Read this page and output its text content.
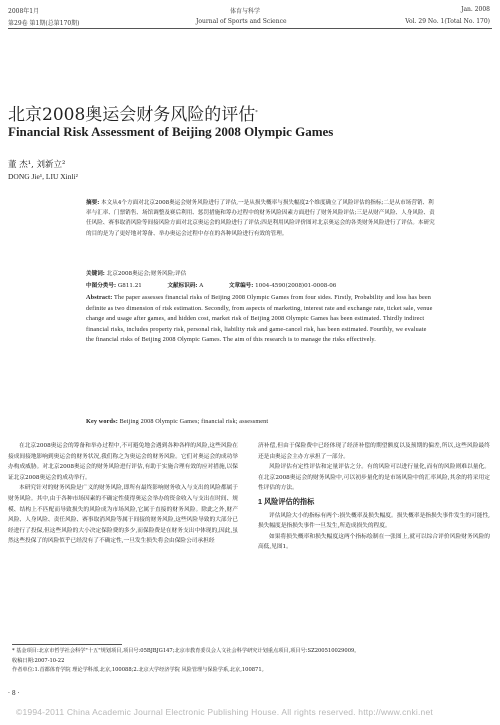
2008年1月	体育与科学	Jan. 2008
第29卷 第1期(总第170期)	Journal of Sports and Science	Vol. 29 No. 1(Total No. 170)
北京2008奥运会财务风险的评估*
Financial Risk Assessment of Beijing 2008 Olympic Games
董 杰¹, 刘新立²
DONG Jie¹, LIU Xinli²
摘要: 本文从4个方面对北京2008奥运会财务风险进行了评估,一是从损失概率与损失幅度2个维度确立了风险评估的指标;二是从市场营销、利率与汇率、门票销售、场馆调整及赛后利用、惩罚措施和筹办过程中的财务风险因素方面进行了财务风险评估;三是从财产风险、人身风险、责任风险、赛事取消风险等间接风险方面对北京奥运会的风险进行了评估;四是利用风险评价图对北京奥运会的各类财务风险进行了评估。本研究的目的是为了更好地对筹备、举办奥运会过程中存在的各种风险进行有效的管理。
关键词: 北京2008奥运会;财务风险;评估
中图分类号: G811.21	文献标识码: A	文章编号: 1004-4590(2008)01-0008-06
Abstract: The paper assesses financial risks of Beijing 2008 Olympic Games from four sides. Firstly, Probability and loss has been definite as two dimension of risk estimation. Secondly, from aspects of marketing, interest rate and exchange rate, ticket sale, venue change and usage after games, and hidden cost, market risk of Beijing 2008 Olympic Games has been estimated. Thirdly indirect financial risks, includes property risk, personal risk, liability risk and game-cancel risk, has been estimated. Fourthly, we evaluate the financial risks of Beijing 2008 Olympic Games. The aim of this research is to manage the risks effectively.
Key words: Beijing 2008 Olympic Games; financial risk; assessment

在北京2008奥运会的筹备和举办过程中,不可避免地会遇到各种各样的风险,这些风险在接成间接地影响到奥运会的财务状况,我们称之为奥运会的财务风险。它们对奥运会的成功举办构成威胁。对北京2008奥运会的财务风险进行评估,有助于实施合理有效的应对措施,以保证北京2008奥运会的成功举行。

本研究针对的财务风险是广义的财务风险,即所有最终影响财务收入与支出的风险都属于财务风险。其中,由于各种市场因素的不确定性使得奥运会举办的资金收入与支出在时间、规模、结构上不匹配而导致损失的风险成为市场风险,它属于直接的财务风险。除此之外,财产风险、人身风险、责任风险、赛事取消风险等属于间接的财务风险,这些风险导致的大部分已经进行了投保,但这些风险的大小决定保险费的多少,而保险费是在财务支出中体现的,因此,虽然这些投保了的风险似乎已经没有了不确定性,一旦发生损失将会由保险公司承担经

济补偿,但由于保险费中已经体现了经济补偿的期望额度以及预期的偏差,所以,这些风险最终还是由奥运会主办方承担了一部分。

风险评估有定性评估和定量评估之分。有的风险可以进行量化,而有的风险则难以量化。在北京2008奥运会的财务风险中,可以初步量化的是市场风险中的汇率风险,其余的将采用定性评估的方法。

1 风险评估的指标

评估风险大小的指标有两个:损失概率及损失幅度。损失概率是指损失事件发生的可能性,损失幅度是指损失事件一旦发生,所造成损失的程度。

如果将损失概率和损失幅度这两个指标绘制在一张图上,就可以综合评价风险财务风险的高低,见图1。

* 基金项目:北京市哲学社会科学"十五"规划项目,项目号:05BJBJG147;北京市教育委员会人文社会科学研究计划重点项目,项目号:SZ200510029009。
收稿日期:2007-10-22
作者单位:1.首都体育学院 理论学科部,北京,100088;2.北京大学经济学院 风险管理与保险学系,北京,100871。
· 8 ·
©1994-2011 China Academic Journal Electronic Publishing House. All rights reserved. http://www.cnki.net
